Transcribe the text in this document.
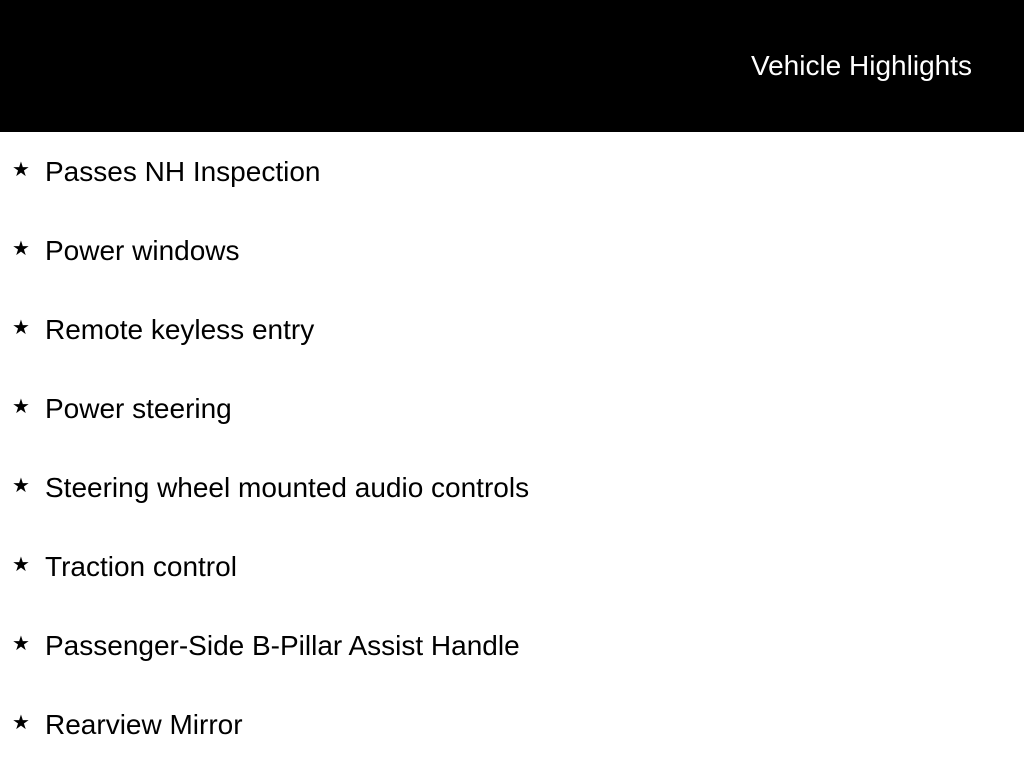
Vehicle Highlights
★ Passes NH Inspection
★ Power windows
★ Remote keyless entry
★ Power steering
★ Steering wheel mounted audio controls
★ Traction control
★ Passenger-Side B-Pillar Assist Handle
★ Rearview Mirror
